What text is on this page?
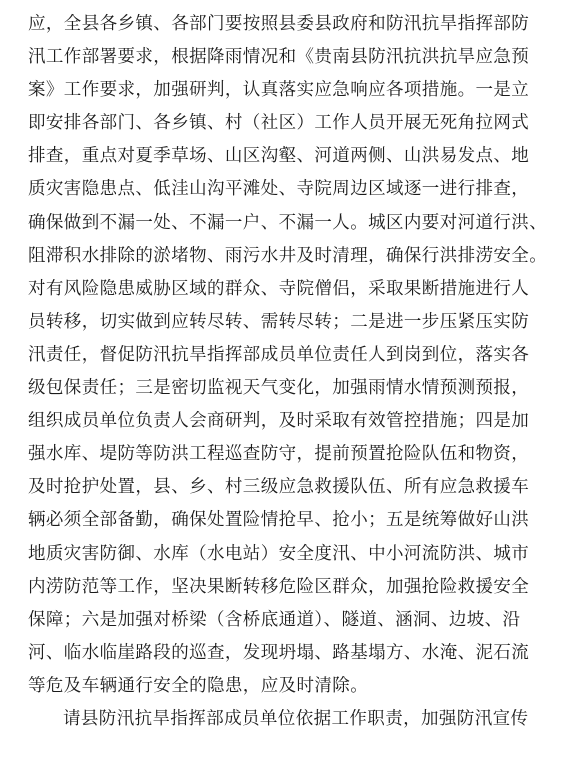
应，全县各乡镇、各部门要按照县委县政府和防汛抗旱指挥部防
汛工作部署要求，根据降雨情况和《贵南县防汛抗洪抗旱应急预
案》工作要求，加强研判，认真落实应急响应各项措施。一是立
即安排各部门、各乡镇、村（社区）工作人员开展无死角拉网式
排查，重点对夏季草场、山区沟壑、河道两侧、山洪易发点、地
质灾害隐患点、低洼山沟平滩处、寺院周边区域逐一进行排查，
确保做到不漏一处、不漏一户、不漏一人。城区内要对河道行洪、
阻滞积水排除的淤堵物、雨污水井及时清理，确保行洪排涝安全。
对有风险隐患威胁区域的群众、寺院僧侣，采取果断措施进行人
员转移，切实做到应转尽转、需转尽转；二是进一步压紧压实防
汛责任，督促防汛抗旱指挥部成员单位责任人到岗到位，落实各
级包保责任；三是密切监视天气变化，加强雨情水情预测预报，
组织成员单位负责人会商研判，及时采取有效管控措施；四是加
强水库、堤防等防洪工程巡查防守，提前预置抢险队伍和物资，
及时抢护处置，县、乡、村三级应急救援队伍、所有应急救援车
辆必须全部备勤，确保处置险情抢早、抢小；五是统筹做好山洪
地质灾害防御、水库（水电站）安全度汛、中小河流防洪、城市
内涝防范等工作，坚决果断转移危险区群众，加强抢险救援安全
保障；六是加强对桥梁（含桥底通道）、隧道、涵洞、边坡、沿
河、临水临崖路段的巡查，发现坍塌、路基塌方、水淹、泥石流
等危及车辆通行安全的隐患，应及时清除。
请县防汛抗旱指挥部成员单位依据工作职责，加强防汛宣传
